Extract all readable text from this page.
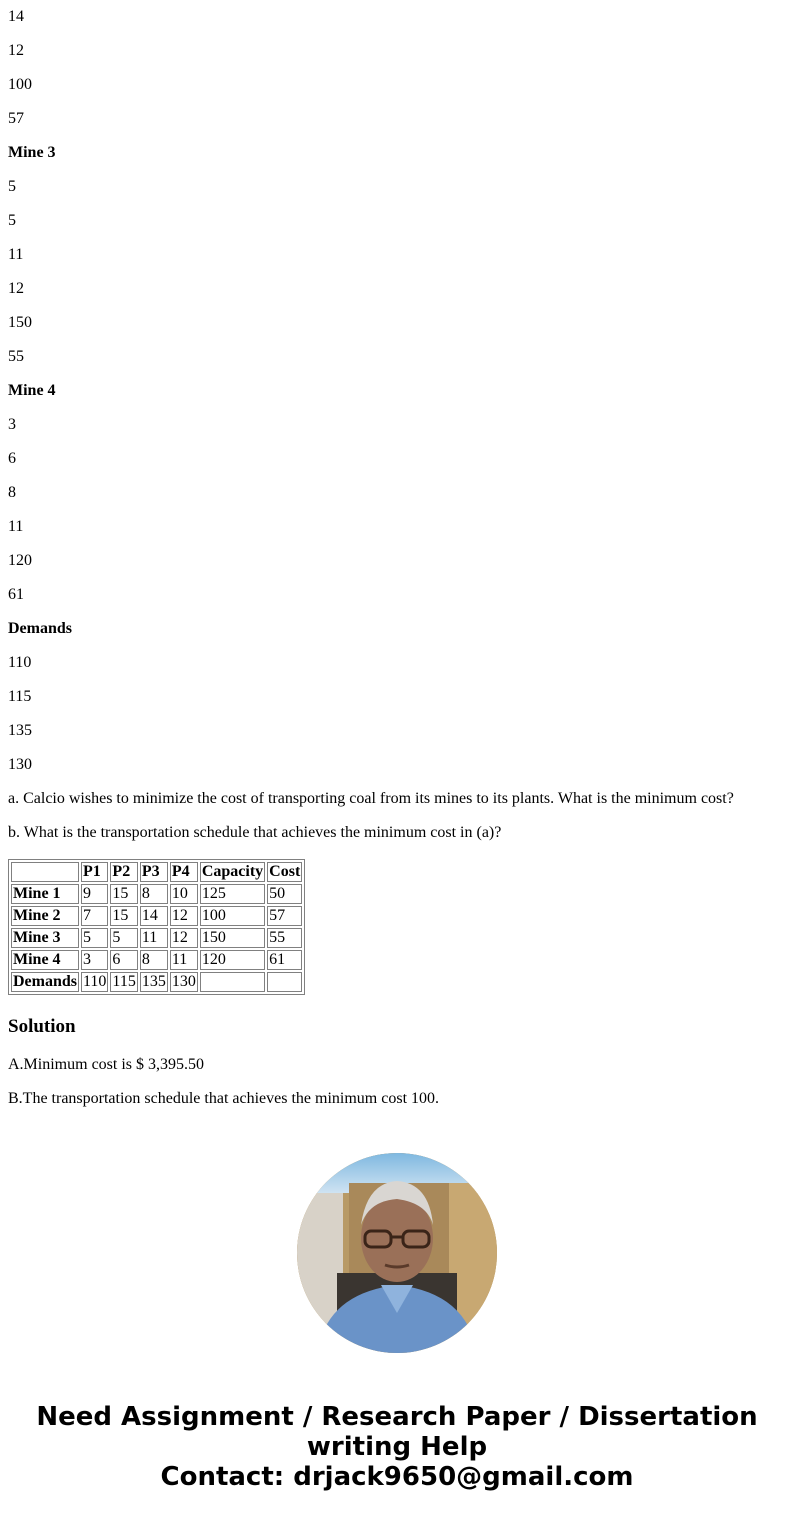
14

12

100

57

Mine 3

5

5

11

12

150

55

Mine 4

3

6

8

11

120

61

Demands

110

115

135

130

a. Calcio wishes to minimize the cost of transporting coal from its mines to its plants. What is the minimum cost?

b. What is the transportation schedule that achieves the minimum cost in (a)?

	P1	P2	P3	P4	Capacity	Cost
Mine 1	9	15	8	10	125	50
Mine 2	7	15	14	12	100	57
Mine 3	5	5	11	12	150	55
Mine 4	3	6	8	11	120	61
Demands	110	115	135	130		
Solution

A.Minimum cost is $ 3,395.50

B.The transportation schedule that achieves the minimum cost 100.

Need Assignment / Research Paper / Dissertation
writing Help
Contact: drjack9650@gmail.com
